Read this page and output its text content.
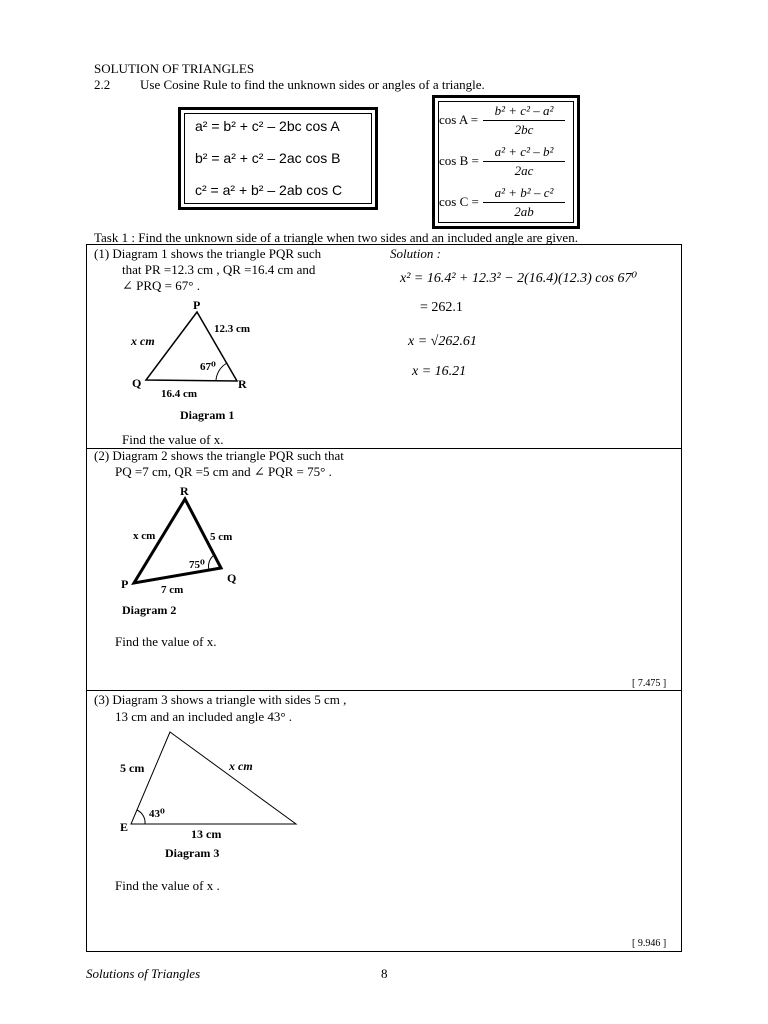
SOLUTION OF TRIANGLES
2.2 Use Cosine Rule to find the unknown sides or angles of a triangle.
a² = b² + c² – 2bc cos A
b² = a² + c² – 2ac cos B
c² = a² + b² – 2ab cos C
cos A =
b² + c² – a²
2bc
cos B =
a² + c² – b²
2ac
cos C =
a² + b² – c²
2ab
Task 1 : Find the unknown side of a triangle when two sides and an included angle are given.
(1) Diagram 1 shows the triangle PQR such
that PR =12.3 cm , QR =16.4 cm and
∠ PRQ = 67° .
Solution :
x² = 16.4² + 12.3² − 2(16.4)(12.3) cos 67⁰
= 262.1
x = √262.61
x = 16.21
P
Q	R
12.3 cm
x cm
16.4 cm
67⁰
Diagram 1
R
P	Q
x cm	5 cm
7 cm
75⁰
Diagram 2
E
5 cm	x cm
13 cm
43⁰
Diagram 3
Find the value of x.
(2) Diagram 2 shows the triangle PQR such that
PQ =7 cm, QR =5 cm and ∠ PQR = 75° .
Find the value of x.
[ 7.475 ]
(3) Diagram 3 shows a triangle with sides 5 cm ,
13 cm and an included angle 43° .
Find the value of x .
[ 9.946 ]
Solutions of Triangles	8
